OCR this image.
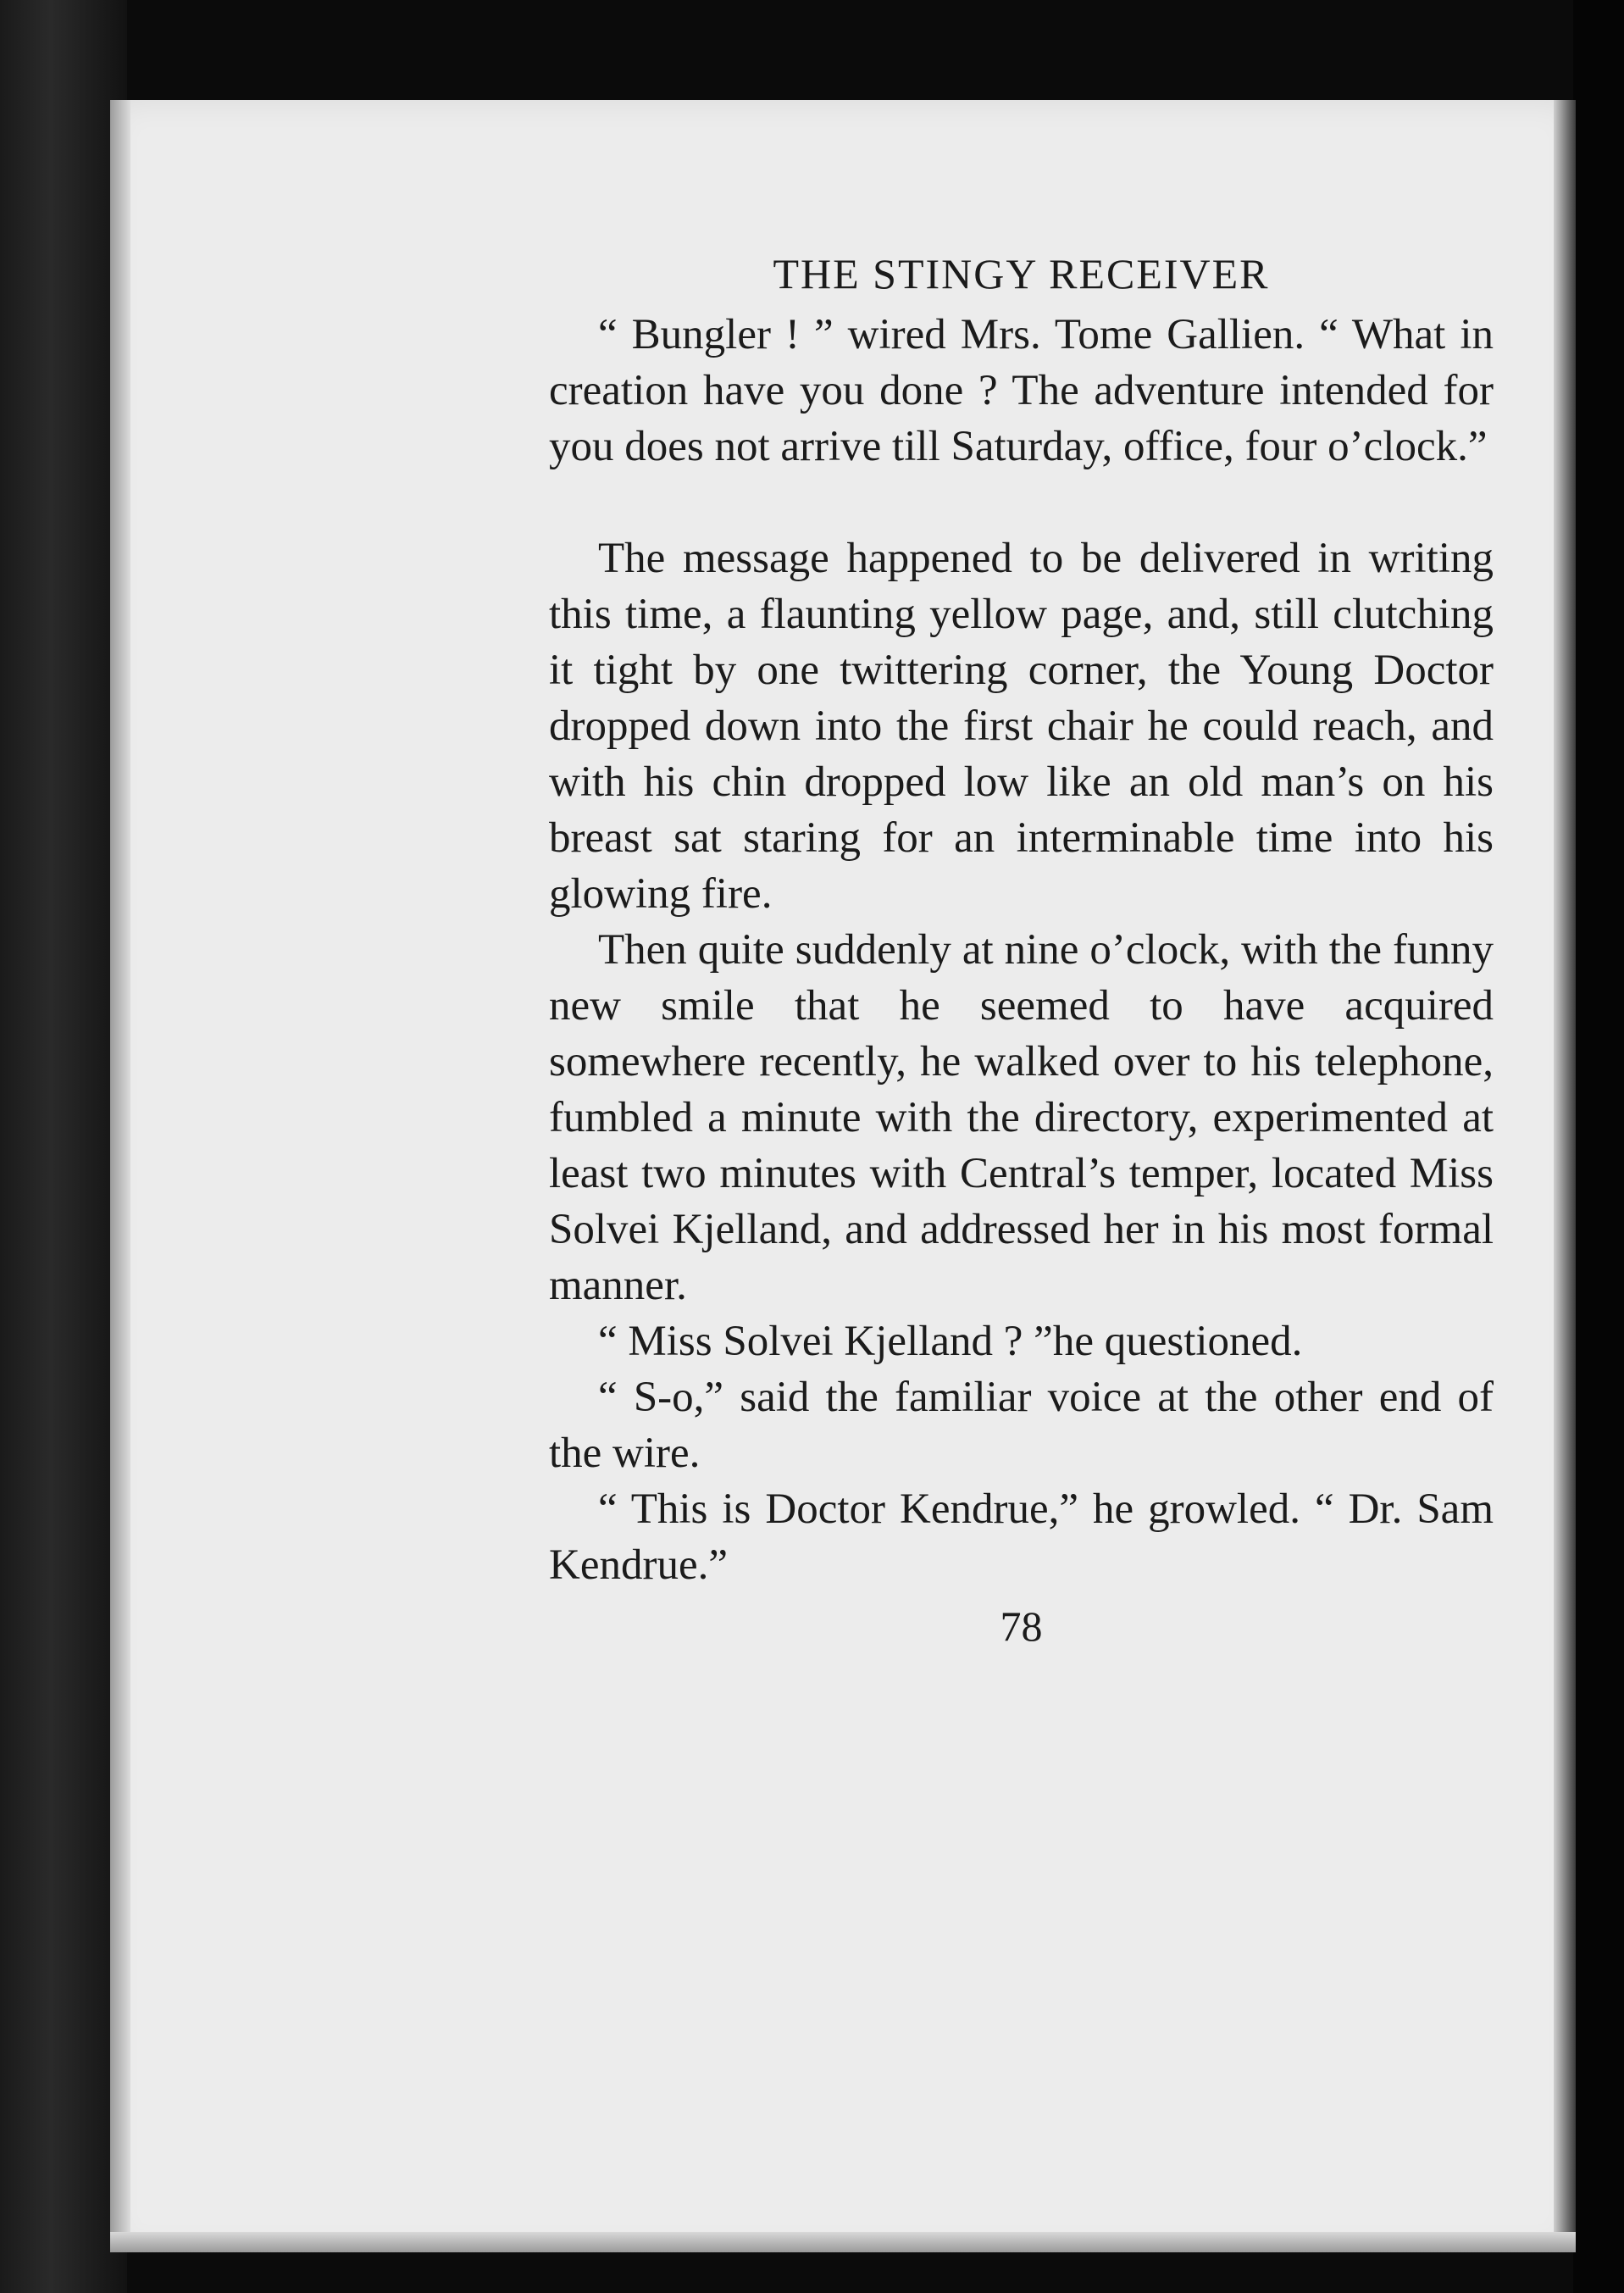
THE STINGY RECEIVER

“ Bungler ! ” wired Mrs. Tome Gallien. “ What in creation have you done ? The adventure intended for you does not arrive till Saturday, office, four o’clock.”

The message happened to be delivered in writing this time, a flaunting yellow page, and, still clutching it tight by one twittering corner, the Young Doctor dropped down into the first chair he could reach, and with his chin dropped low like an old man’s on his breast sat staring for an interminable time into his glowing fire.

Then quite suddenly at nine o’clock, with the funny new smile that he seemed to have acquired somewhere recently, he walked over to his telephone, fumbled a minute with the directory, experimented at least two minutes with Central’s temper, located Miss Solvei Kjelland, and addressed her in his most formal manner.

“ Miss Solvei Kjelland ? ”he questioned.

“ S-o,” said the familiar voice at the other end of the wire.

“ This is Doctor Kendrue,” he growled. “ Dr. Sam Kendrue.”

78
